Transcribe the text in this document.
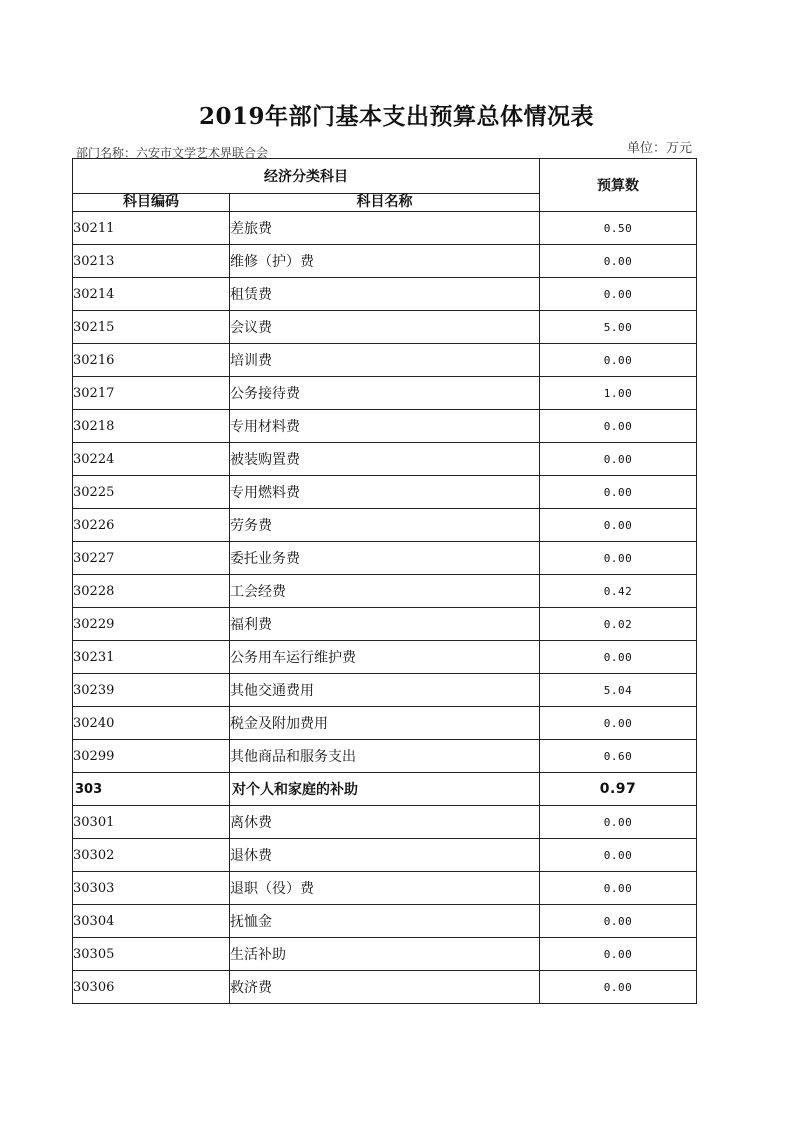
2019年部门基本支出预算总体情况表
部门名称：六安市文学艺术界联合会	单位：万元
经济分类科目		预算数
科目编码	科目名称	
30211	差旅费	0.50
30213	维修（护）费	0.00
30214	租赁费	0.00
30215	会议费	5.00
30216	培训费	0.00
30217	公务接待费	1.00
30218	专用材料费	0.00
30224	被装购置费	0.00
30225	专用燃料费	0.00
30226	劳务费	0.00
30227	委托业务费	0.00
30228	工会经费	0.42
30229	福利费	0.02
30231	公务用车运行维护费	0.00
30239	其他交通费用	5.04
30240	税金及附加费用	0.00
30299	其他商品和服务支出	0.60
303	对个人和家庭的补助	0.97
30301	离休费	0.00
30302	退休费	0.00
30303	退职（役）费	0.00
30304	抚恤金	0.00
30305	生活补助	0.00
30306	救济费	0.00
